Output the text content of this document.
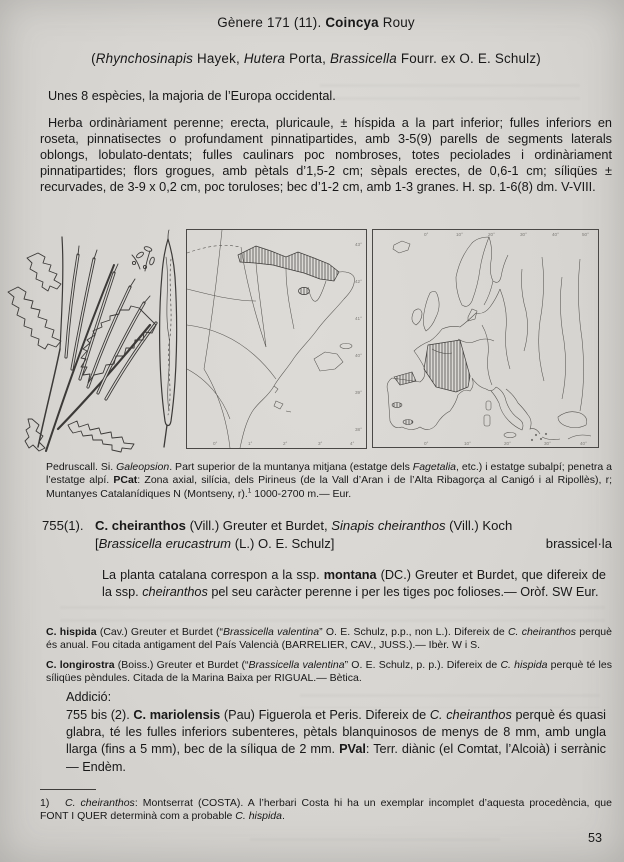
Gènere 171 (11). Coincya Rouy
(Rhynchosinapis Hayek, Hutera Porta, Brassicella Fourr. ex O. E. Schulz)
Unes 8 espècies, la majoria de l’Europa occidental.
Herba ordinàriament perenne; erecta, pluricaule, ± híspida a la part inferior; fulles inferiors en roseta, pinnatisectes o profundament pinnatipartides, amb 3-5(9) parells de segments laterals oblongs, lobulato-dentats; fulles caulinars poc nombroses, totes peciolades i ordinàriament pinnatipartides; flors grogues, amb pètals d’1,5-2 cm; sèpals erectes, de 0,6-1 cm; síliqües ± recurvades, de 3-9 x 0,2 cm, poc toruloses; bec d’1-2 cm, amb 1-3 granes. H. sp. 1-6(8) dm. V-VIII.
43°
42°
41°
40°
39°
38°
0°	1°	2°	3°	4°
0°	10°	20°	30°	40°	50°
0°	10°	20°	30°	40°
Pedruscall. Si. Galeopsion. Part superior de la muntanya mitjana (estatge dels Fagetalia, etc.) i estatge subalpí; penetra a l’estatge alpí. PCat: Zona axial, silícia, dels Pirineus (de la Vall d’Aran i de l’Alta Ribagorça al Canigó i al Ripollès), r; Muntanyes Catalanídiques N (Montseny, r).$^1$ 1000-2700 m.— Eur.
755(1). C. cheiranthos (Vill.) Greuter et Burdet, Sinapis cheiranthos (Vill.) Koch
[Brassicella erucastrum (L.) O. E. Schulz]	brassicel·la
La planta catalana correspon a la ssp. montana (DC.) Greuter et Burdet, que difereix de la ssp. cheiranthos pel seu caràcter perenne i per les tiges poc folioses.— Oròf. SW Eur.
C. hispida (Cav.) Greuter et Burdet (“Brassicella valentina” O. E. Schulz, p.p., non L.). Difereix de C. cheiranthos perquè és anual. Fou citada antigament del País Valencià (BARRELIER, CAV., JUSS.).— Ibèr. W i S.
C. longirostra (Boiss.) Greuter et Burdet (“Brassicella valentina” O. E. Schulz, p. p.). Difereix de C. hispida perquè té les síliqües pèndules. Citada de la Marina Baixa per RIGUAL.— Bètica.
Addició:
755 bis (2). C. mariolensis (Pau) Figuerola et Peris. Difereix de C. cheiranthos perquè és quasi glabra, té les fulles inferiors subenteres, pètals blanquinosos de menys de 8 mm, amb ungla llarga (fins a 5 mm), bec de la síliqua de 2 mm. PVal: Terr. diànic (el Comtat, l’Alcoià) i serrànic — Endèm.
1) C. cheiranthos: Montserrat (COSTA). A l’herbari Costa hi ha un exemplar incomplet d’aquesta procedència, que FONT I QUER determinà com a probable C. hispida.
53
